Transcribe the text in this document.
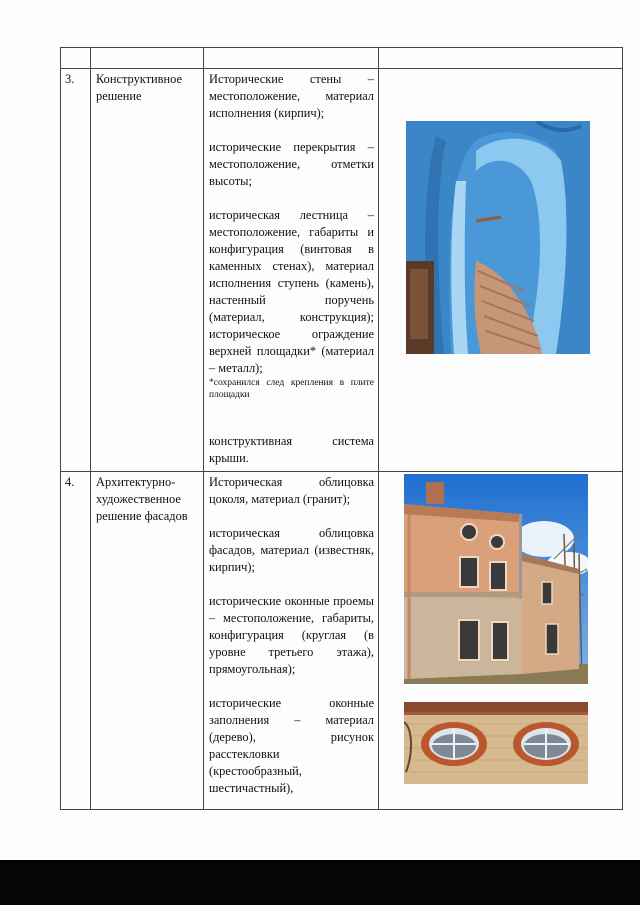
3.	Конструктивное решение	Исторические стены – местоположение, материал исполнения (кирпич);

исторические перекрытия – местоположение, отметки высоты;

историческая лестница – местоположение, габариты и конфигурация (винтовая в каменных стенах), материал исполнения ступень (камень), настенный поручень (материал, конструкция); историческое ограждение верхней площадки* (материал – металл);

*сохранился след крепления в плите площадки

конструктивная система крыши.

4.	Архитектурно-художественное решение фасадов	Историческая облицовка цоколя, материал (гранит);

историческая облицовка фасадов, материал (известняк, кирпич);

исторические оконные проемы – местоположение, габариты, конфигурация (круглая (в уровне третьего этажа), прямоугольная);

исторические оконные заполнения – материал (дерево), рисунок расстекловки (крестообразный, шестичастный),
